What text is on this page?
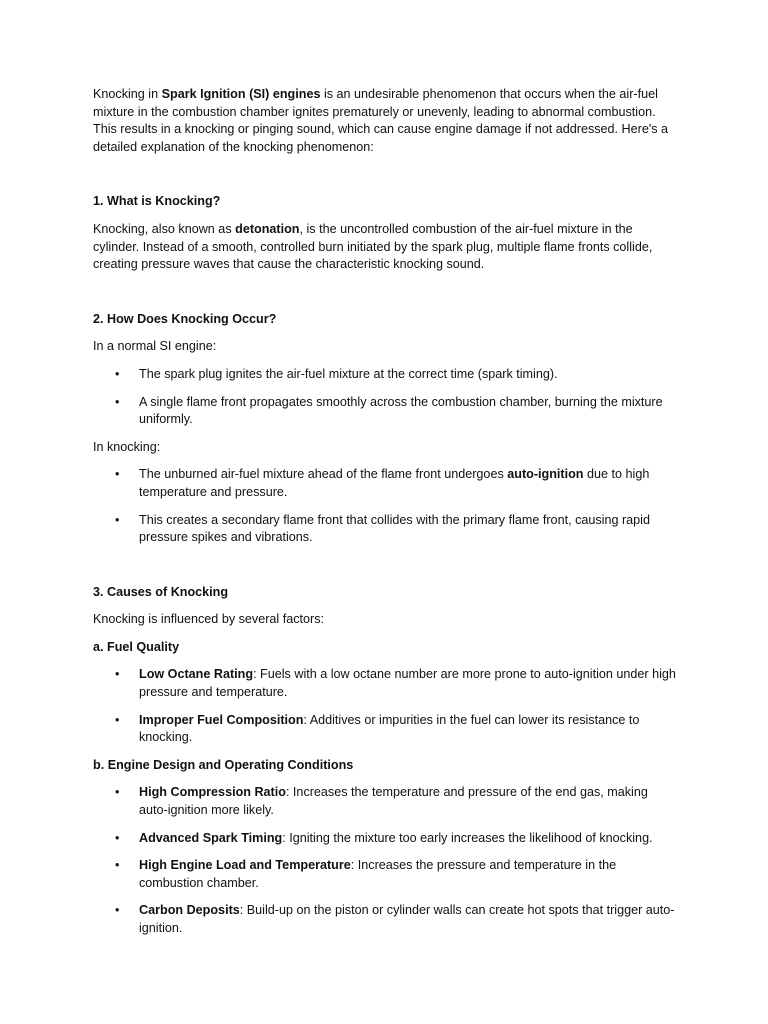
Knocking in Spark Ignition (SI) engines is an undesirable phenomenon that occurs when the air-fuel mixture in the combustion chamber ignites prematurely or unevenly, leading to abnormal combustion. This results in a knocking or pinging sound, which can cause engine damage if not addressed. Here's a detailed explanation of the knocking phenomenon:

1. What is Knocking?

Knocking, also known as detonation, is the uncontrolled combustion of the air-fuel mixture in the cylinder. Instead of a smooth, controlled burn initiated by the spark plug, multiple flame fronts collide, creating pressure waves that cause the characteristic knocking sound.

2. How Does Knocking Occur?

In a normal SI engine:

• The spark plug ignites the air-fuel mixture at the correct time (spark timing).
• A single flame front propagates smoothly across the combustion chamber, burning the mixture uniformly.

In knocking:

• The unburned air-fuel mixture ahead of the flame front undergoes auto-ignition due to high temperature and pressure.
• This creates a secondary flame front that collides with the primary flame front, causing rapid pressure spikes and vibrations.

3. Causes of Knocking

Knocking is influenced by several factors:

a. Fuel Quality

• Low Octane Rating: Fuels with a low octane number are more prone to auto-ignition under high pressure and temperature.
• Improper Fuel Composition: Additives or impurities in the fuel can lower its resistance to knocking.

b. Engine Design and Operating Conditions

• High Compression Ratio: Increases the temperature and pressure of the end gas, making auto-ignition more likely.
• Advanced Spark Timing: Igniting the mixture too early increases the likelihood of knocking.
• High Engine Load and Temperature: Increases the pressure and temperature in the combustion chamber.
• Carbon Deposits: Build-up on the piston or cylinder walls can create hot spots that trigger auto-ignition.
